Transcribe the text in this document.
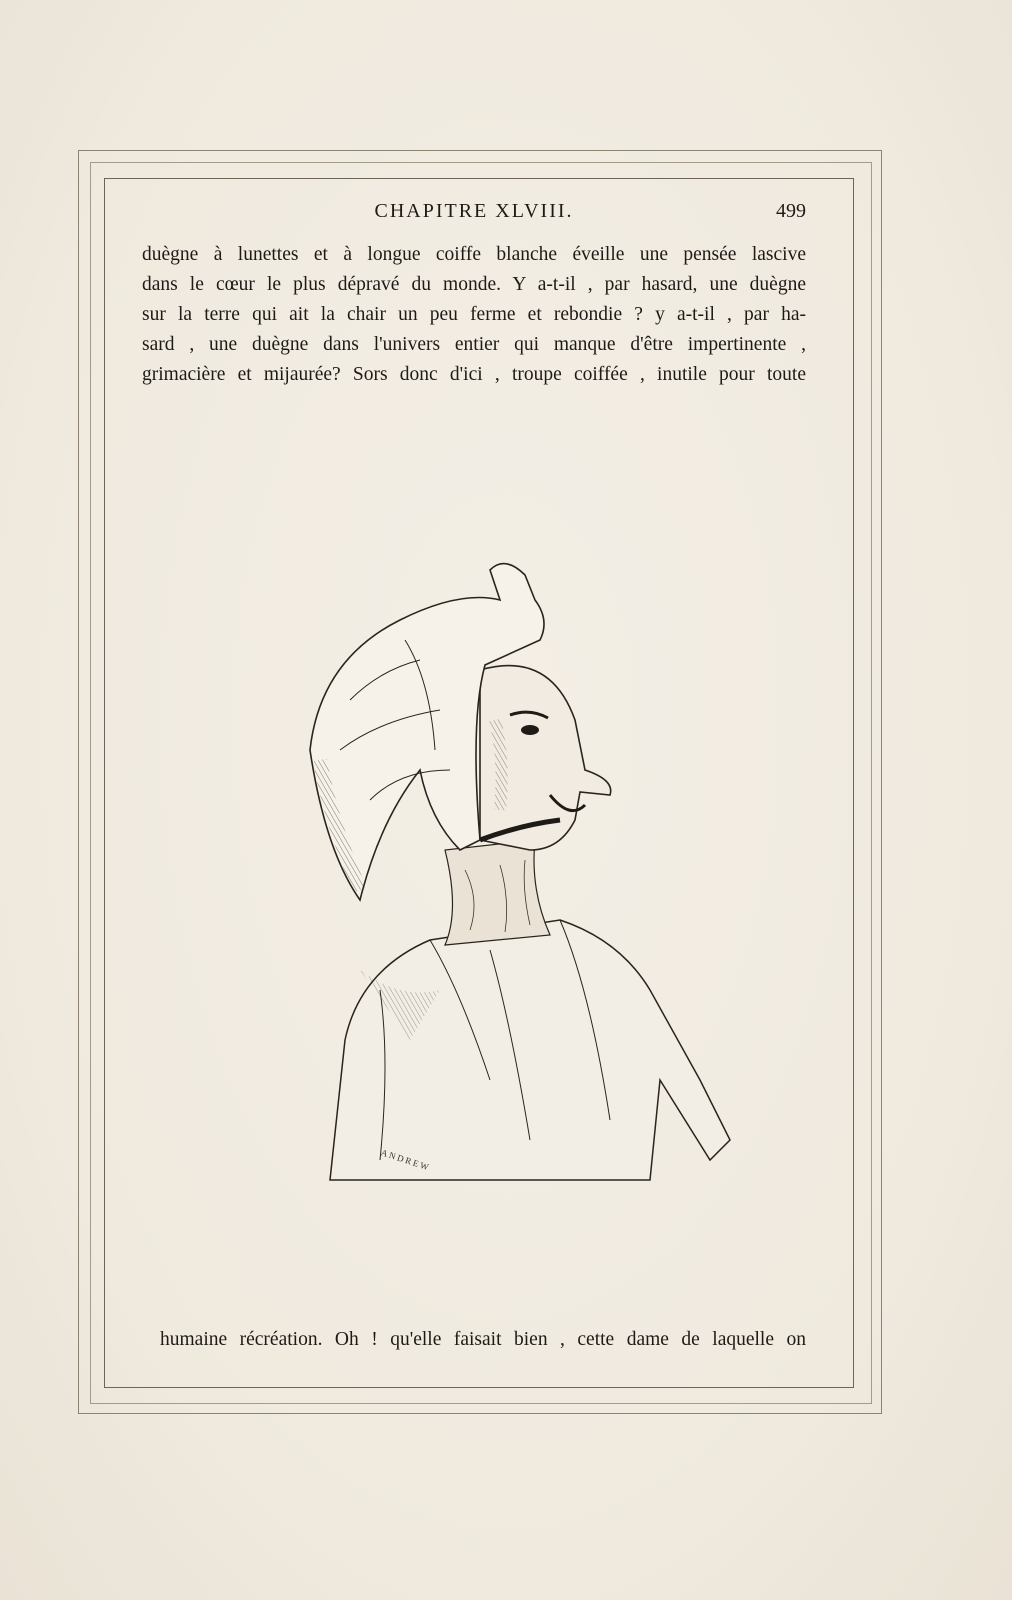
CHAPITRE XLVIII.	499
duègne à lunettes et à longue coiffe blanche éveille une pensée lascive
dans le cœur le plus dépravé du monde. Y a-t-il , par hasard, une duègne
sur la terre qui ait la chair un peu ferme et rebondie ? y a-t-il , par ha-
sard , une duègne dans l'univers entier qui manque d'être impertinente ,
grimacière et mijaurée? Sors donc d'ici , troupe coiffée , inutile pour toute
ANDREW
humaine récréation. Oh ! qu'elle faisait bien , cette dame de laquelle on
